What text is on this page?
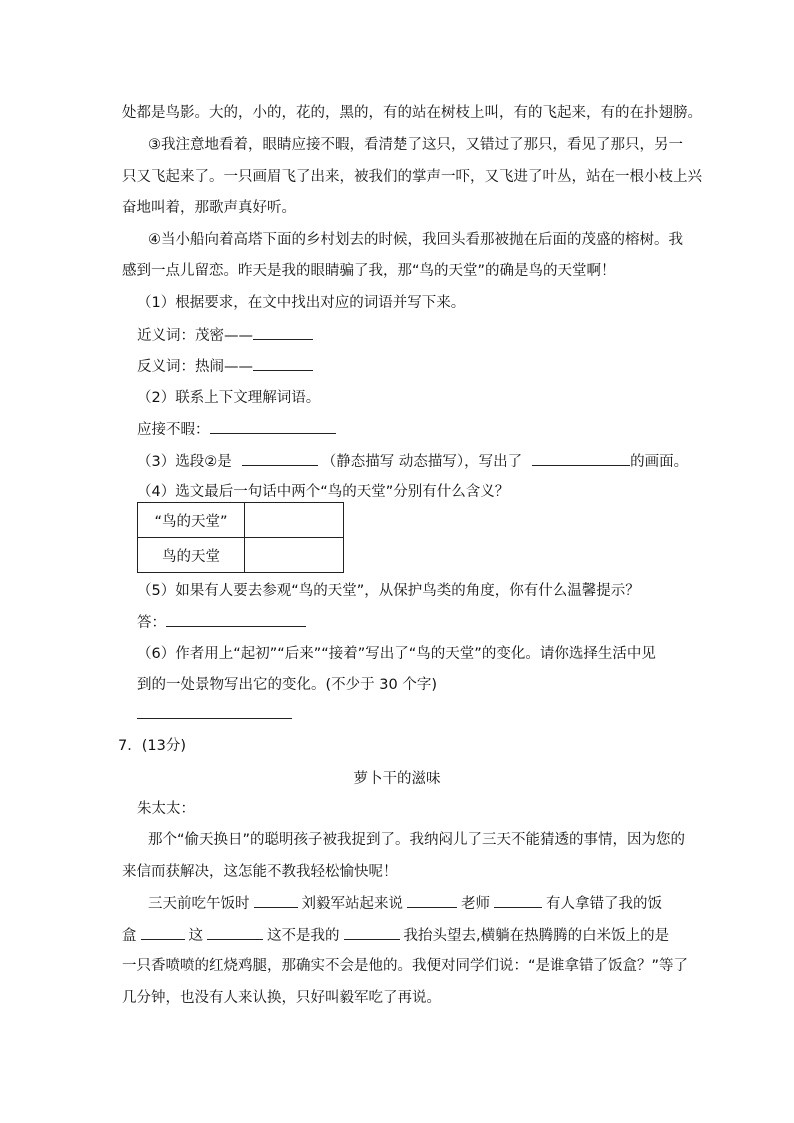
处都是鸟影。大的，小的，花的，黑的，有的站在树枝上叫，有的飞起来，有的在扑翅膀。
③我注意地看着，眼睛应接不暇，看清楚了这只，又错过了那只，看见了那只，另一
只又飞起来了。一只画眉飞了出来，被我们的掌声一吓，又飞进了叶丛，站在一根小枝上兴
奋地叫着，那歌声真好听。
④当小船向着高塔下面的乡村划去的时候，我回头看那被抛在后面的茂盛的榕树。我
感到一点儿留恋。昨天是我的眼睛骗了我，那“鸟的天堂”的确是鸟的天堂啊！
（1）根据要求，在文中找出对应的词语并写下来。
近义词：茂密——
反义词：热闹——
（2）联系上下文理解词语。
应接不暇：
（3）选段②是	（静态描写 动态描写），写出了	的画面。
（4）选文最后一句话中两个“鸟的天堂”分别有什么含义？
“鸟的天堂”	
鸟的天堂	
（5）如果有人要去参观“鸟的天堂”，从保护鸟类的角度，你有什么温馨提示？
答：
（6）作者用上“起初”“后来”“接着”写出了“鸟的天堂”的变化。请你选择生活中见
到的一处景物写出它的变化。(不少于 30 个字)
7．(13分)
萝卜干的滋味
朱太太：
那个“偷天换日”的聪明孩子被我捉到了。我纳闷儿了三天不能猜透的事情，因为您的
来信而获解决，这怎能不教我轻松愉快呢！
三天前吃午饭时	刘毅军站起来说	老师	有人拿错了我的饭
盒	这	这不是我的	我抬头望去,横躺在热腾腾的白米饭上的是
一只香喷喷的红烧鸡腿，那确实不会是他的。我便对同学们说：“是谁拿错了饭盒？”等了
几分钟，也没有人来认换，只好叫毅军吃了再说。
